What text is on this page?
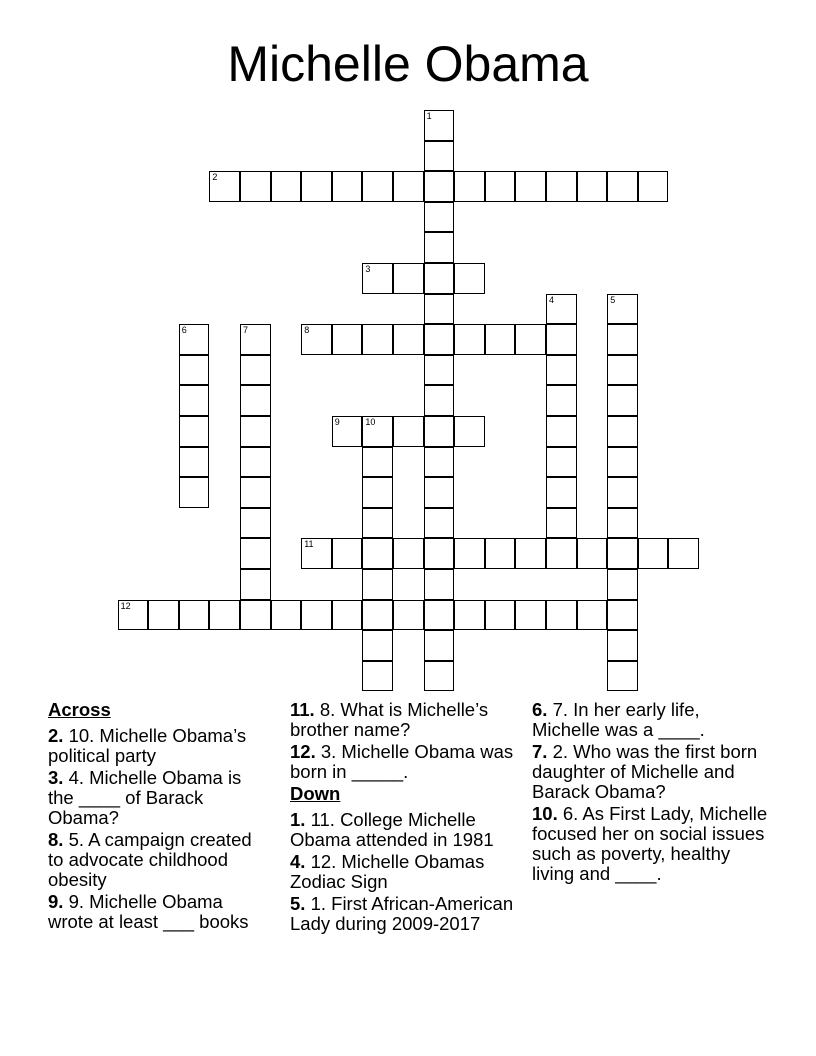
Michelle Obama
1
2
3
4	5
6	7	8
9	10
11
12
Across
2. 10. Michelle Obama’s political party
3. 4. Michelle Obama is the ____ of Barack Obama?
8. 5. A campaign created to advocate childhood obesity
9. 9. Michelle Obama wrote at least ___ books
11. 8. What is Michelle’s brother name?
12. 3. Michelle Obama was born in _____.
Down
1. 11. College Michelle Obama attended in 1981
4. 12. Michelle Obamas Zodiac Sign
5. 1. First African-American Lady during 2009-2017
6. 7. In her early life, Michelle was a ____.
7. 2. Who was the first born daughter of Michelle and Barack Obama?
10. 6. As First Lady, Michelle focused her on social issues such as poverty, healthy living and ____.
